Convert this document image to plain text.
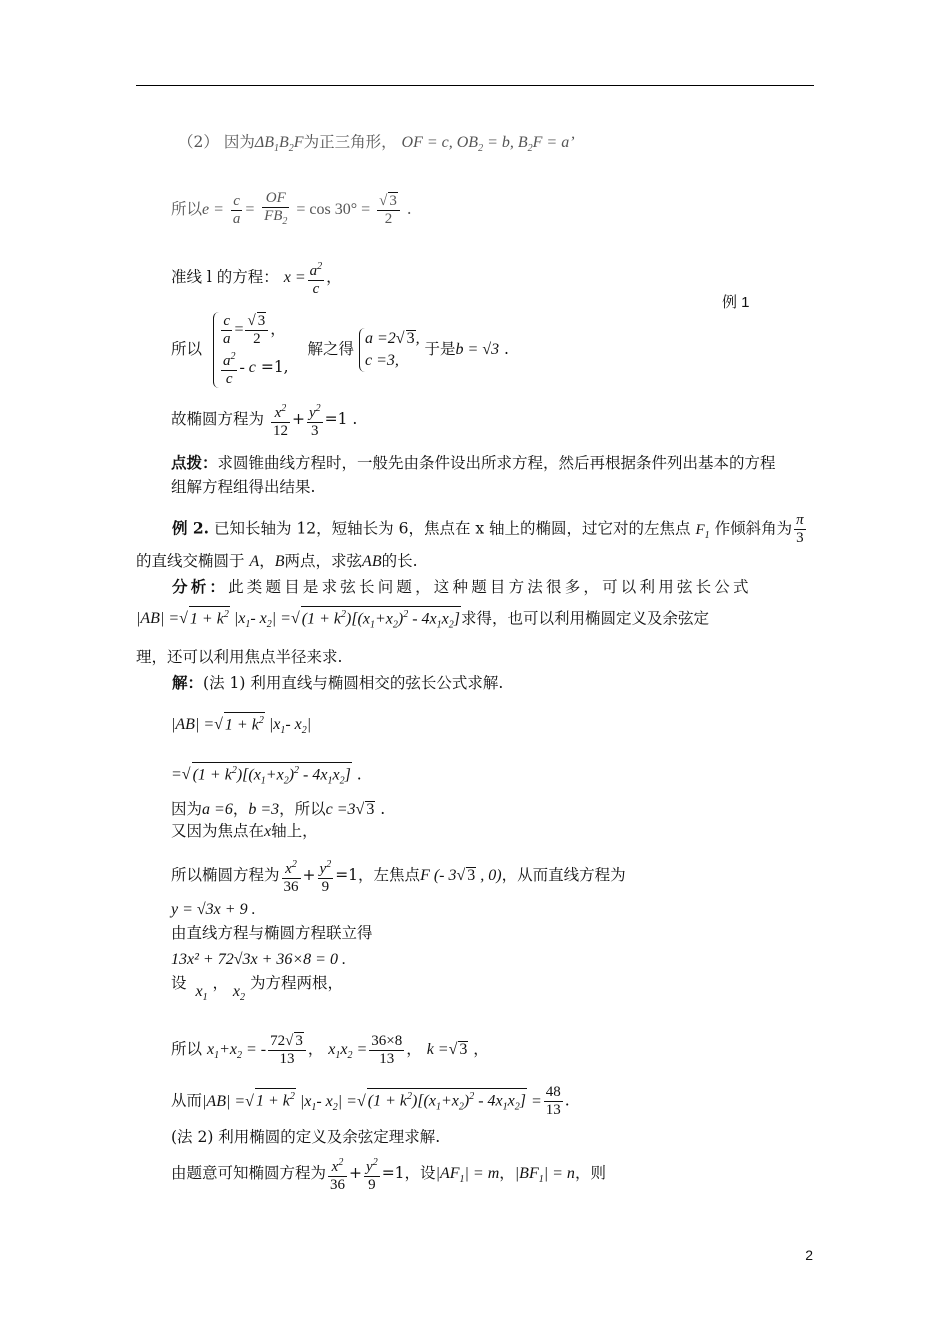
例 1
（2） 因为$\Delta B_1B_2F$为正三角形， OF = c, $OB_2 = b$, $B_2F = a$’
所以$e = \frac{c}{a} = \frac{OF}{FB_2} = \cos 30^\circ = \frac{√ 3}{2}$ .
准线 l 的方程： $x = \frac{a^2}{c}$ ，
所以
$\frac{c}{a} = \frac{√ 3}{2}$ ，
$\frac{a^2}{c} - c =1$,
解之得
a =2√ 3,
c =3,
于是b = √3 .
故椭圆方程为 $\frac{x^2}{12} + \frac{y^2}{3} =1$ .
点拨：求圆锥曲线方程时，一般先由条件设出所求方程，然后再根据条件列出基本的方程
组解方程组得出结果.
例 2. 已知长轴为 12，短轴长为 6，焦点在 x 轴上的椭圆，过它对的左焦点 $F_1$ 作倾斜角为 $\frac{\pi}{3}$
的直线交椭圆于 A，B两点，求弦AB的长.
分析：此类题目是求弦长问题，这种题目方法很多，可以利用弦长公式
|AB| =√ $1 + k^2$ $|x_1-$ $x_2|$ =√ $(1 + k^2)[(x_1+x_2)^2 - 4x_1x_2]$求得，也可以利用椭圆定义及余弦定
理，还可以利用焦点半径来求.
解：(法 1) 利用直线与椭圆相交的弦长公式求解.
|AB| =√ $1 + k^2$ $|x_1-$ $x_2|$
=√ $(1 + k^2)[(x_1+x_2)^2 - 4x_1x_2]$ .
因为a =6，b =3，所以c =3√ 3 .
又因为焦点在x轴上，
所以椭圆方程为 $\frac{x^2}{36} + \frac{y^2}{9} =1$，左焦点F (- 3√ 3 , 0)，从而直线方程为
y = √3x + 9 .
由直线方程与椭圆方程联立得
13x² + 72√3x + 36×8 = 0 .
设 $x_1$ ， $x_2$ 为方程两根，
所以 $x_1+x_2$ = - $\frac{72√ 3}{13}$ ， $x_1x_2 = \frac{36\times 8}{13}$ ， k =√ 3 ，
从而|AB| =√ $1 + k^2$ $|x_1-$ $x_2|$ =√ $(1 + k^2)[(x_1+x_2)^2 - 4x_1x_2] = \frac{48}{13}$ .
(法 2) 利用椭圆的定义及余弦定理求解.
由题意可知椭圆方程为 $\frac{x^2}{36} + \frac{y^2}{9} =1$，设$|AF_1| = m$，$|BF_1| = n$，则
2
